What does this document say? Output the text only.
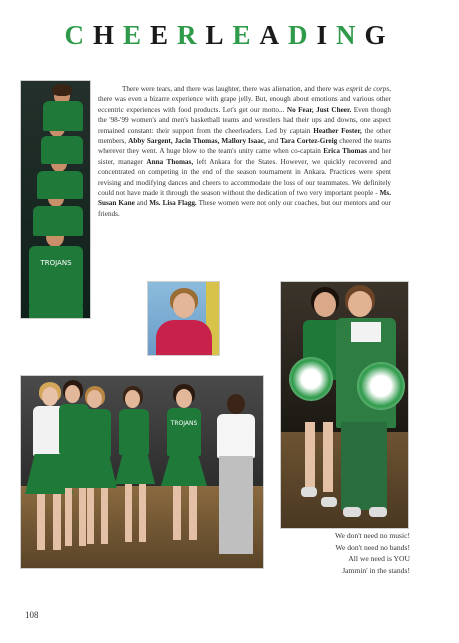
CHEERLEADING
TROJANS
There were tears, and there was laughter, there was alienation, and there was esprit de corps, there was even a bizarre experience with grape jelly. But, enough about emotions and various other eccentric experiences with food products. Let's get our motto... No Fear, Just Cheer. Even though the '98-'99 women's and men's basketball teams and wrestlers had their ups and downs, one aspect remained constant: their support from the cheerleaders. Led by captain Heather Foster, the other members, Abby Sargent, Jacin Thomas, Mallory Isaac, and Tara Cortez-Greig cheered the teams wherever they went. A huge blow to the team's unity came when co-captain Erica Thomas and her sister, manager Anna Thomas, left Ankara for the States. However, we quickly recovered and concentrated on competing in the end of the season tournament in Ankara. Practices were spent revising and modifying dances and cheers to accommodate the loss of our teammates. We definitely could not have made it through the season without the dedication of two very important people - Ms. Susan Kane and Ms. Lisa Flagg. These women were not only our coaches, but our mentors and our friends.
TROJANS
We don't need no music!
We don't need no bands!
All we need is YOU
Jammin' in the stands!
108
